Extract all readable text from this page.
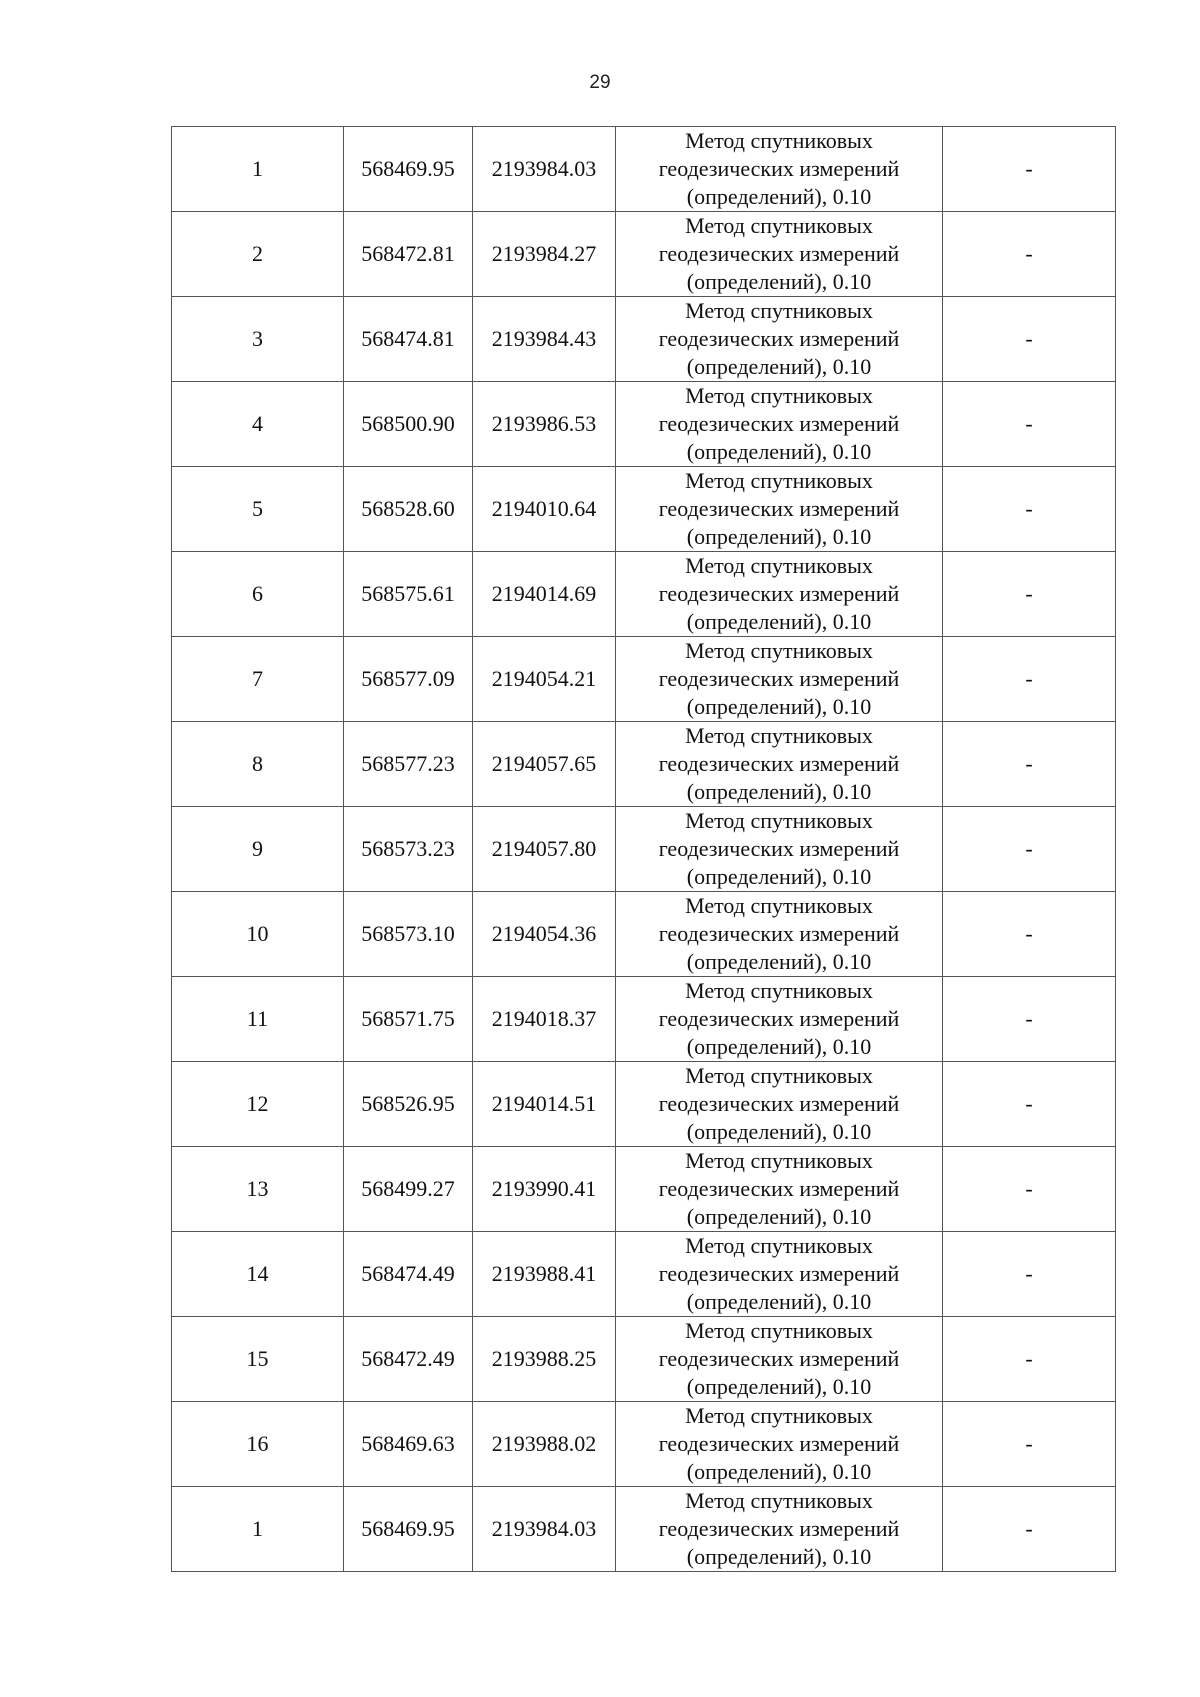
29
1	568469.95	2193984.03	Метод спутниковых
геодезических измерений
(определений), 0.10	-
2	568472.81	2193984.27	Метод спутниковых
геодезических измерений
(определений), 0.10	-
3	568474.81	2193984.43	Метод спутниковых
геодезических измерений
(определений), 0.10	-
4	568500.90	2193986.53	Метод спутниковых
геодезических измерений
(определений), 0.10	-
5	568528.60	2194010.64	Метод спутниковых
геодезических измерений
(определений), 0.10	-
6	568575.61	2194014.69	Метод спутниковых
геодезических измерений
(определений), 0.10	-
7	568577.09	2194054.21	Метод спутниковых
геодезических измерений
(определений), 0.10	-
8	568577.23	2194057.65	Метод спутниковых
геодезических измерений
(определений), 0.10	-
9	568573.23	2194057.80	Метод спутниковых
геодезических измерений
(определений), 0.10	-
10	568573.10	2194054.36	Метод спутниковых
геодезических измерений
(определений), 0.10	-
11	568571.75	2194018.37	Метод спутниковых
геодезических измерений
(определений), 0.10	-
12	568526.95	2194014.51	Метод спутниковых
геодезических измерений
(определений), 0.10	-
13	568499.27	2193990.41	Метод спутниковых
геодезических измерений
(определений), 0.10	-
14	568474.49	2193988.41	Метод спутниковых
геодезических измерений
(определений), 0.10	-
15	568472.49	2193988.25	Метод спутниковых
геодезических измерений
(определений), 0.10	-
16	568469.63	2193988.02	Метод спутниковых
геодезических измерений
(определений), 0.10	-
1	568469.95	2193984.03	Метод спутниковых
геодезических измерений
(определений), 0.10	-
